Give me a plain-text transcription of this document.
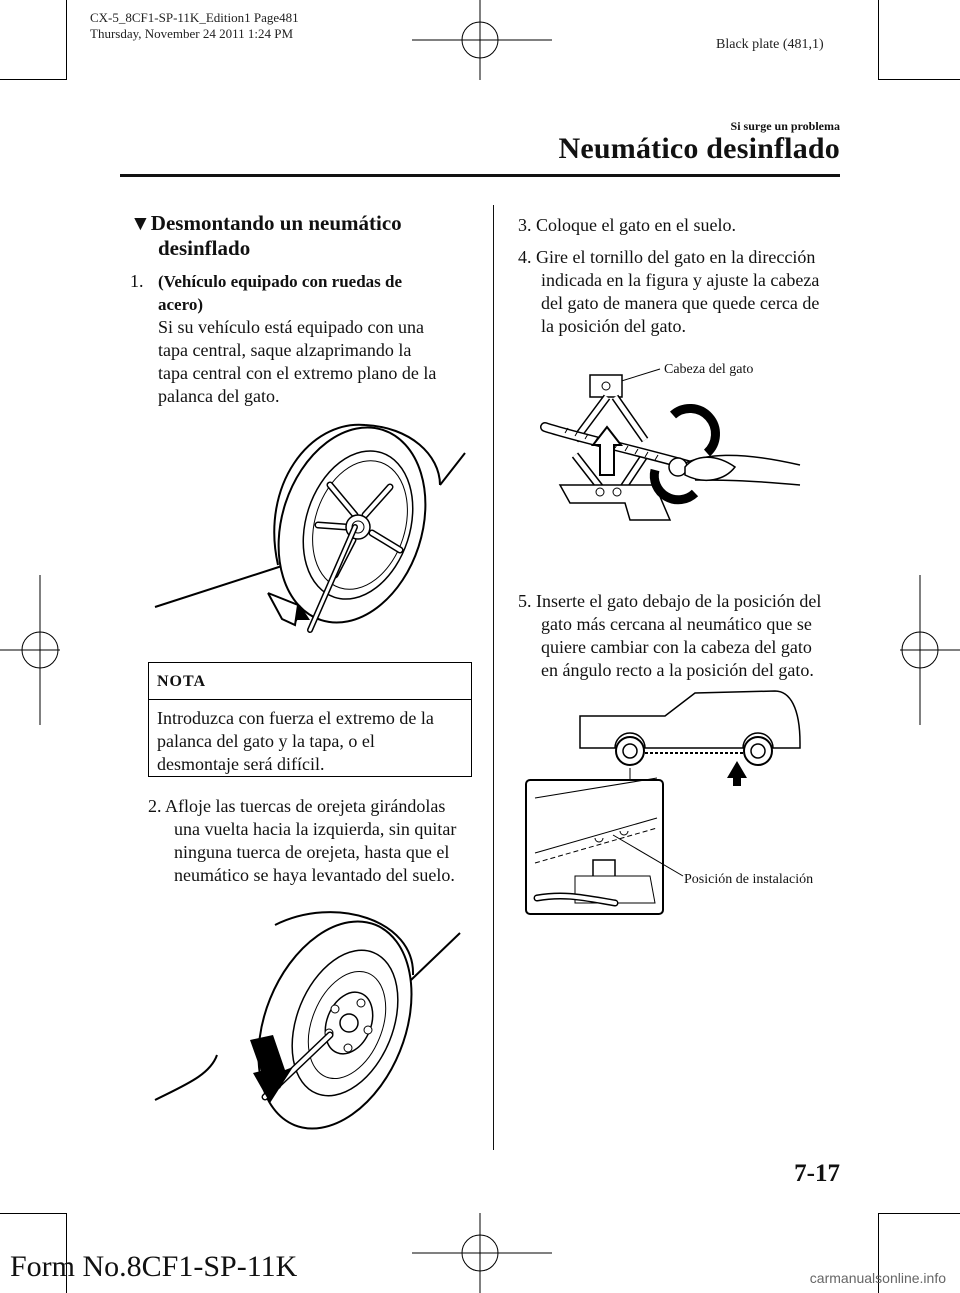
CX-5_8CF1-SP-11K_Edition1 Page481
Thursday, November 24 2011 1:24 PM
Black plate (481,1)
Si surge un problema
Neumático desinflado
▼Desmontando un neumático
desinflado
1. (Vehículo equipado con ruedas de
acero)
Si su vehículo está equipado con una
tapa central, saque alzaprimando la
tapa central con el extremo plano de la
palanca del gato.
NOTA
Introduzca con fuerza el extremo de la
palanca del gato y la tapa, o el
desmontaje será difícil.
2. Afloje las tuercas de orejeta girándolas
una vuelta hacia la izquierda, sin quitar
ninguna tuerca de orejeta, hasta que el
neumático se haya levantado del suelo.
3. Coloque el gato en el suelo.
4. Gire el tornillo del gato en la dirección
indicada en la figura y ajuste la cabeza
del gato de manera que quede cerca de
la posición del gato.
Cabeza del gato
5. Inserte el gato debajo de la posición del
gato más cercana al neumático que se
quiere cambiar con la cabeza del gato
en ángulo recto a la posición del gato.
Posición de instalación
7-17
Form No.8CF1-SP-11K	carmanualsonline.info
